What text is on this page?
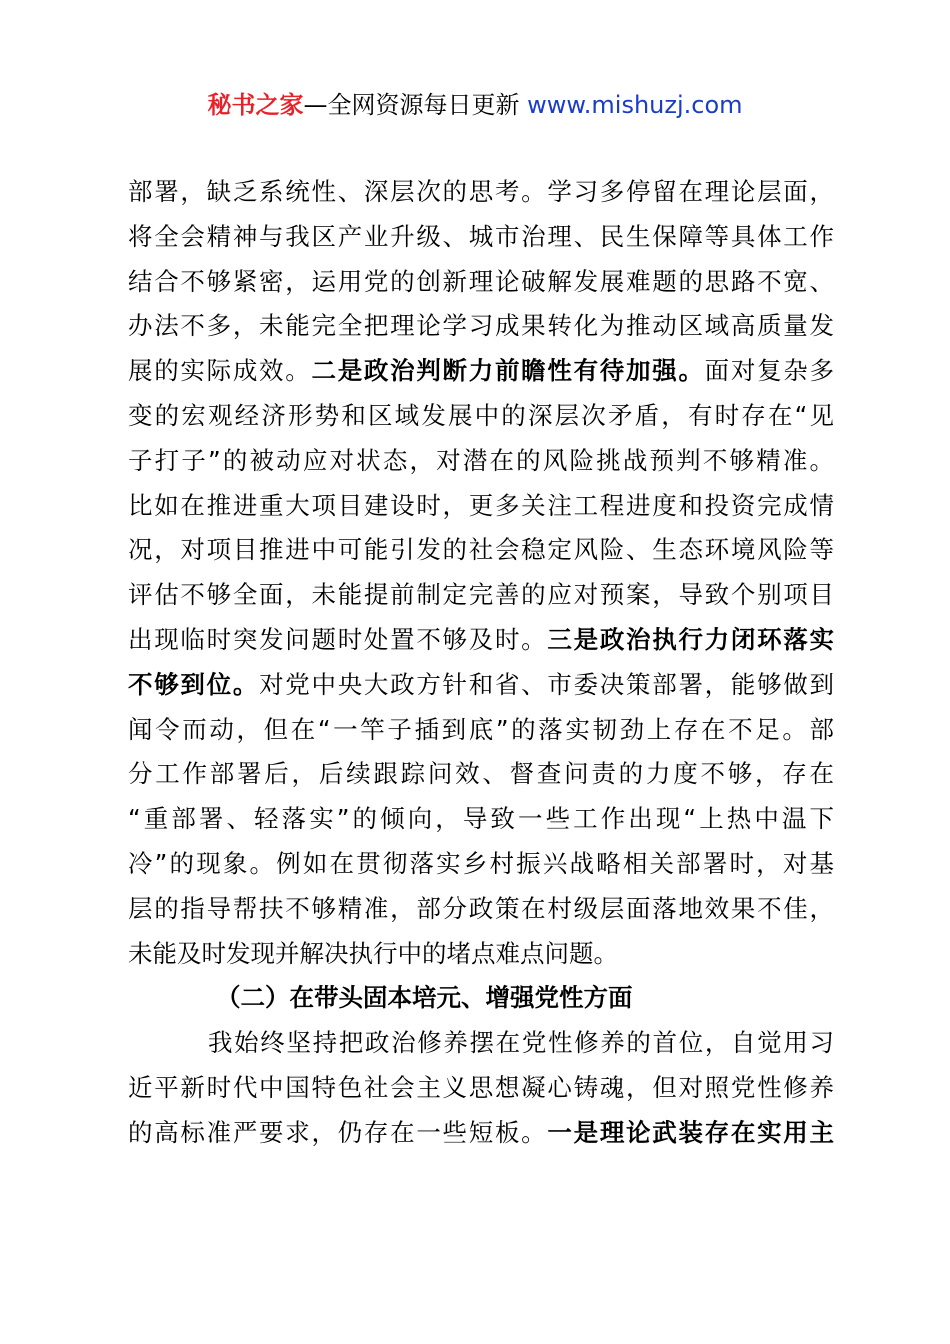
秘书之家—全网资源每日更新 www.mishuzj.com
部署，缺乏系统性、深层次的思考。学习多停留在理论层面，
将全会精神与我区产业升级、城市治理、民生保障等具体工作
结合不够紧密，运用党的创新理论破解发展难题的思路不宽、
办法不多，未能完全把理论学习成果转化为推动区域高质量发
展的实际成效。二是政治判断力前瞻性有待加强。面对复杂多
变的宏观经济形势和区域发展中的深层次矛盾，有时存在“见
子打子”的被动应对状态，对潜在的风险挑战预判不够精准。
比如在推进重大项目建设时，更多关注工程进度和投资完成情
况，对项目推进中可能引发的社会稳定风险、生态环境风险等
评估不够全面，未能提前制定完善的应对预案，导致个别项目
出现临时突发问题时处置不够及时。三是政治执行力闭环落实
不够到位。对党中央大政方针和省、市委决策部署，能够做到
闻令而动，但在“一竿子插到底”的落实韧劲上存在不足。部
分工作部署后，后续跟踪问效、督查问责的力度不够，存在
“重部署、轻落实”的倾向，导致一些工作出现“上热中温下
冷”的现象。例如在贯彻落实乡村振兴战略相关部署时，对基
层的指导帮扶不够精准，部分政策在村级层面落地效果不佳，
未能及时发现并解决执行中的堵点难点问题。
（二）在带头固本培元、增强党性方面
我始终坚持把政治修养摆在党性修养的首位，自觉用习
近平新时代中国特色社会主义思想凝心铸魂，但对照党性修养
的高标准严要求，仍存在一些短板。一是理论武装存在实用主
